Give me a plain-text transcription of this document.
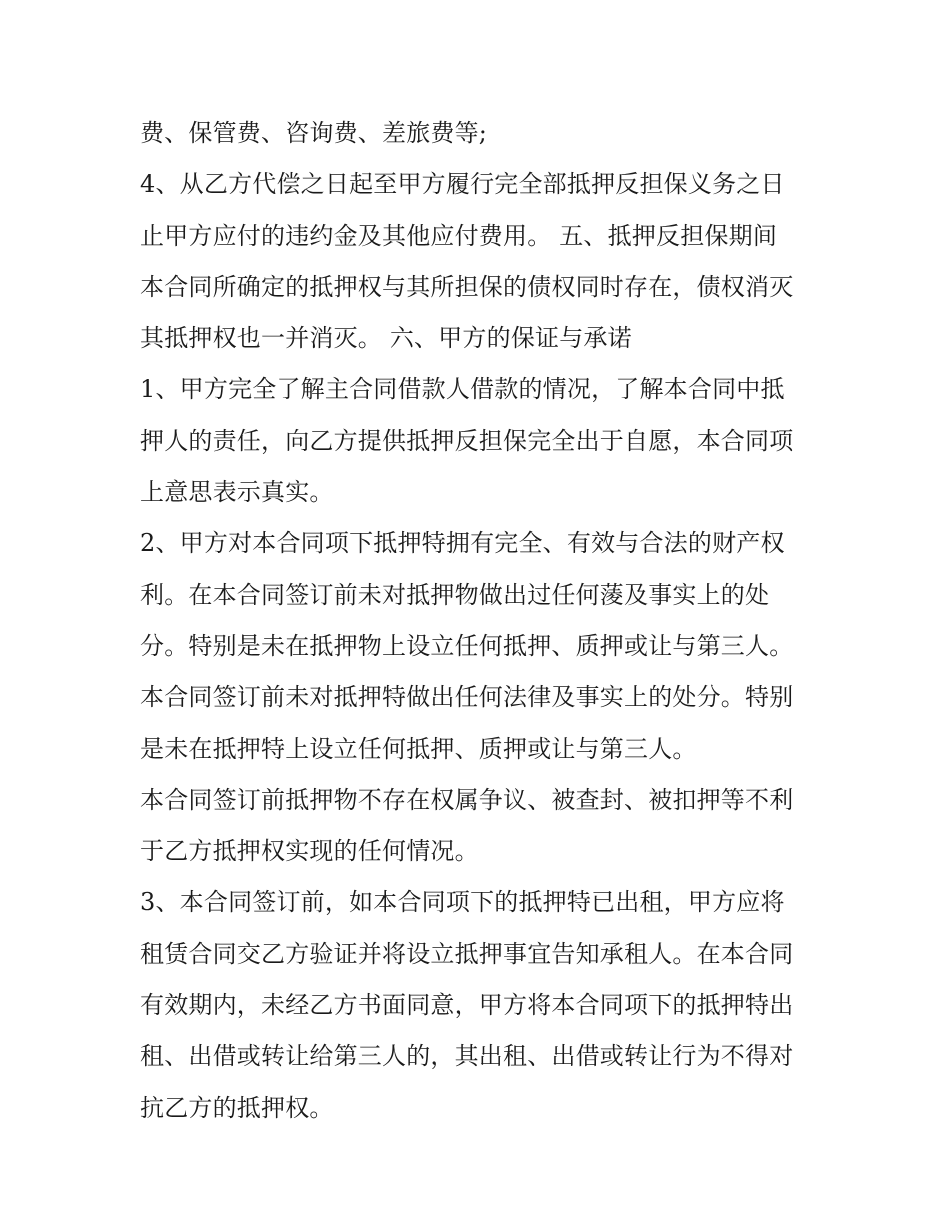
费、保管费、咨询费、差旅费等;
4、从乙方代偿之日起至甲方履行完全部抵押反担保义务之日
止甲方应付的违约金及其他应付费用。 五、抵押反担保期间
本合同所确定的抵押权与其所担保的债权同时存在，债权消灭
其抵押权也一并消灭。 六、甲方的保证与承诺
1、甲方完全了解主合同借款人借款的情况，了解本合同中抵
押人的责任，向乙方提供抵押反担保完全出于自愿，本合同项
上意思表示真实。
2、甲方对本合同项下抵押特拥有完全、有效与合法的财产权
利。在本合同签订前未对抵押物做出过任何蔆及事实上的处
分。特别是未在抵押物上设立任何抵押、质押或让与第三人。
本合同签订前未对抵押特做出任何法律及事实上的处分。特别
是未在抵押特上设立任何抵押、质押或让与第三人。
本合同签订前抵押物不存在权属争议、被查封、被扣押等不利
于乙方抵押权实现的任何情况。
3、本合同签订前，如本合同项下的抵押特已出租，甲方应将
租赁合同交乙方验证并将设立抵押事宜告知承租人。在本合同
有效期内，未经乙方书面同意，甲方将本合同项下的抵押特出
租、出借或转让给第三人的，其出租、出借或转让行为不得对
抗乙方的抵押权。
